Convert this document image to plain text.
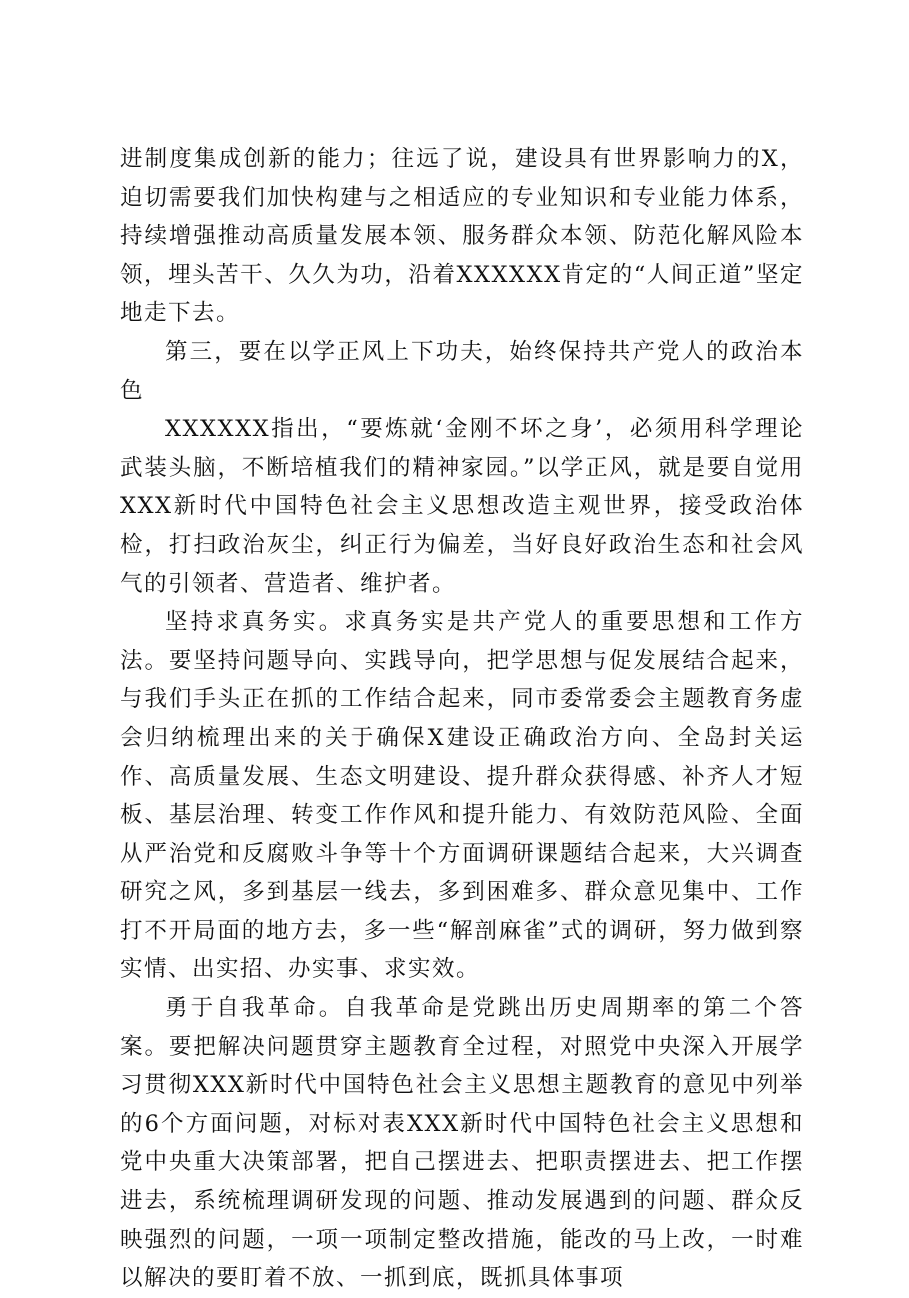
进制度集成创新的能力；往远了说，建设具有世界影响力的X，迫切需要我们加快构建与之相适应的专业知识和专业能力体系，持续增强推动高质量发展本领、服务群众本领、防范化解风险本领，埋头苦干、久久为功，沿着XXXXXX肯定的“人间正道”坚定地走下去。

第三，要在以学正风上下功夫，始终保持共产党人的政治本色

XXXXXX指出，“要炼就‘金刚不坏之身’，必须用科学理论武装头脑，不断培植我们的精神家园。”以学正风，就是要自觉用XXX新时代中国特色社会主义思想改造主观世界，接受政治体检，打扫政治灰尘，纠正行为偏差，当好良好政治生态和社会风气的引领者、营造者、维护者。

坚持求真务实。求真务实是共产党人的重要思想和工作方法。要坚持问题导向、实践导向，把学思想与促发展结合起来，与我们手头正在抓的工作结合起来，同市委常委会主题教育务虚会归纳梳理出来的关于确保X建设正确政治方向、全岛封关运作、高质量发展、生态文明建设、提升群众获得感、补齐人才短板、基层治理、转变工作作风和提升能力、有效防范风险、全面从严治党和反腐败斗争等十个方面调研课题结合起来，大兴调查研究之风，多到基层一线去，多到困难多、群众意见集中、工作打不开局面的地方去，多一些“解剖麻雀”式的调研，努力做到察实情、出实招、办实事、求实效。

勇于自我革命。自我革命是党跳出历史周期率的第二个答案。要把解决问题贯穿主题教育全过程，对照党中央深入开展学习贯彻XXX新时代中国特色社会主义思想主题教育的意见中列举的6个方面问题，对标对表XXX新时代中国特色社会主义思想和党中央重大决策部署，把自己摆进去、把职责摆进去、把工作摆进去，系统梳理调研发现的问题、推动发展遇到的问题、群众反映强烈的问题，一项一项制定整改措施，能改的马上改，一时难以解决的要盯着不放、一抓到底，既抓具体事项
